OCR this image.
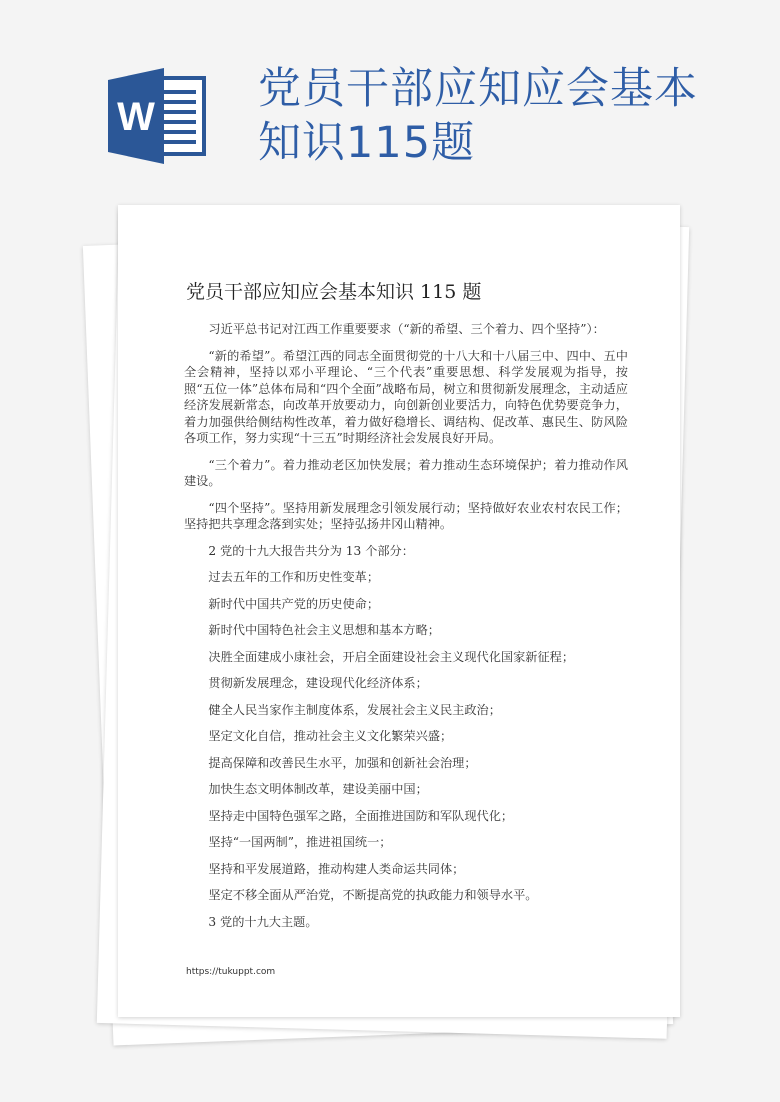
W
党员干部应知应会基本
知识115题
党员干部应知应会基本知识 115 题

习近平总书记对江西工作重要要求（“新的希望、三个着力、四个坚持”）：

“新的希望”。希望江西的同志全面贯彻党的十八大和十八届三中、四中、五中全会精神，坚持以邓小平理论、“三个代表”重要思想、科学发展观为指导，按照“五位一体”总体布局和“四个全面”战略布局，树立和贯彻新发展理念，主动适应经济发展新常态，向改革开放要动力，向创新创业要活力，向特色优势要竞争力，着力加强供给侧结构性改革，着力做好稳增长、调结构、促改革、惠民生、防风险各项工作，努力实现“十三五”时期经济社会发展良好开局。

“三个着力”。着力推动老区加快发展；着力推动生态环境保护；着力推动作风建设。

“四个坚持”。坚持用新发展理念引领发展行动；坚持做好农业农村农民工作；坚持把共享理念落到实处；坚持弘扬井冈山精神。

2 党的十九大报告共分为 13 个部分：

过去五年的工作和历史性变革；

新时代中国共产党的历史使命；

新时代中国特色社会主义思想和基本方略；

决胜全面建成小康社会，开启全面建设社会主义现代化国家新征程；

贯彻新发展理念，建设现代化经济体系；

健全人民当家作主制度体系，发展社会主义民主政治；

坚定文化自信，推动社会主义文化繁荣兴盛；

提高保障和改善民生水平，加强和创新社会治理；

加快生态文明体制改革，建设美丽中国；

坚持走中国特色强军之路，全面推进国防和军队现代化；

坚持“一国两制”，推进祖国统一；

坚持和平发展道路，推动构建人类命运共同体；

坚定不移全面从严治党，不断提高党的执政能力和领导水平。

3 党的十九大主题。

https://tukuppt.com
